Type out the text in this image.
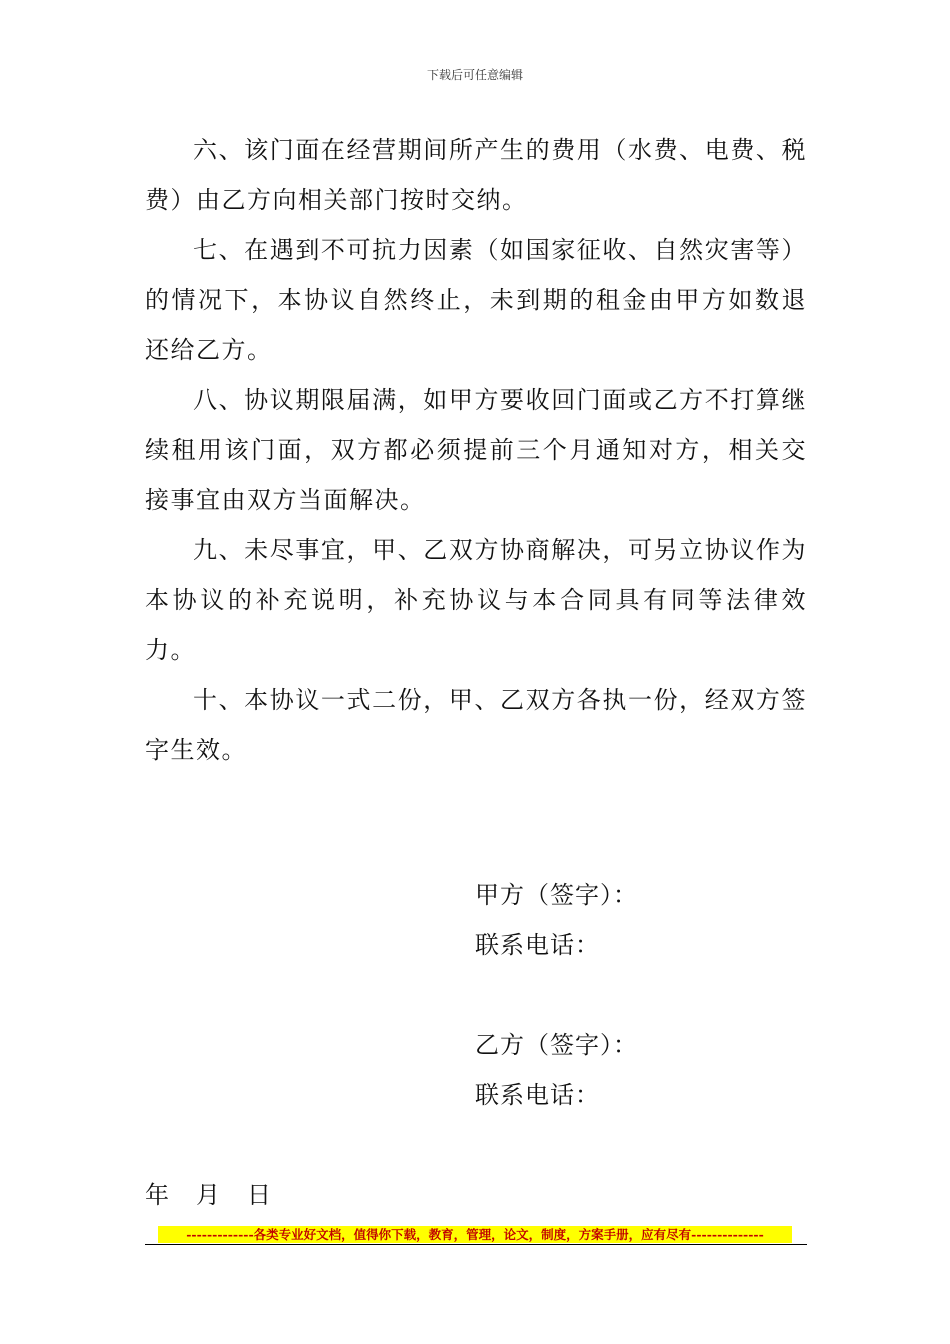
下载后可任意编辑

六、该门面在经营期间所产生的费用（水费、电费、税费）由乙方向相关部门按时交纳。

七、在遇到不可抗力因素（如国家征收、自然灾害等）的情况下，本协议自然终止，未到期的租金由甲方如数退还给乙方。

八、协议期限届满，如甲方要收回门面或乙方不打算继续租用该门面，双方都必须提前三个月通知对方，相关交接事宜由双方当面解决。

九、未尽事宜，甲、乙双方协商解决，可另立协议作为本协议的补充说明，补充协议与本合同具有同等法律效力。

十、本协议一式二份，甲、乙双方各执一份，经双方签字生效。

甲方（签字）：
联系电话：
乙方（签字）：
联系电话：
年 月 日
-------------各类专业好文档，值得你下载，教育，管理，论文，制度，方案手册，应有尽有--------------
